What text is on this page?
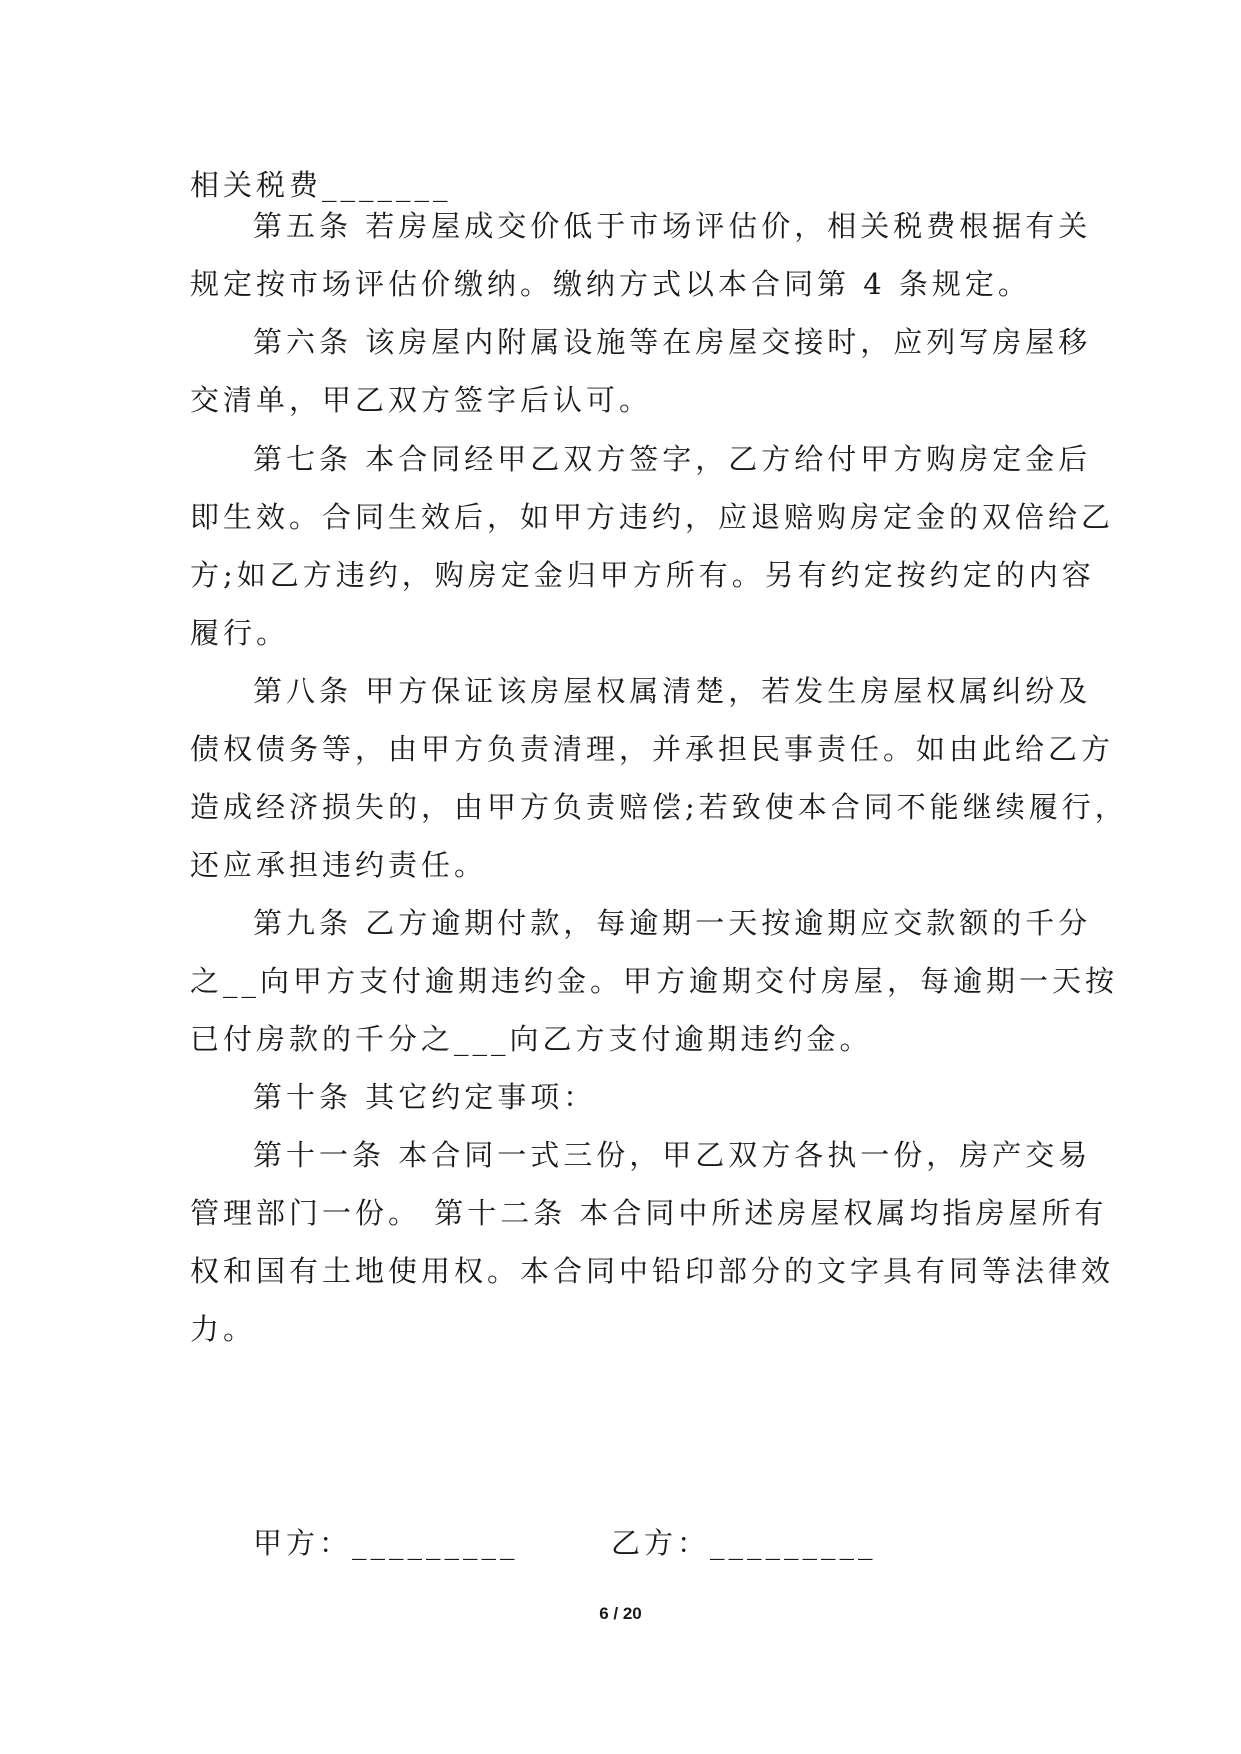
相关税费_______
第五条 若房屋成交价低于市场评估价，相关税费根据有关
规定按市场评估价缴纳。缴纳方式以本合同第 4 条规定。
第六条 该房屋内附属设施等在房屋交接时，应列写房屋移
交清单，甲乙双方签字后认可。
第七条 本合同经甲乙双方签字，乙方给付甲方购房定金后
即生效。合同生效后，如甲方违约，应退赔购房定金的双倍给乙
方;如乙方违约，购房定金归甲方所有。另有约定按约定的内容
履行。
第八条 甲方保证该房屋权属清楚，若发生房屋权属纠纷及
债权债务等，由甲方负责清理，并承担民事责任。如由此给乙方
造成经济损失的，由甲方负责赔偿;若致使本合同不能继续履行，
还应承担违约责任。
第九条 乙方逾期付款，每逾期一天按逾期应交款额的千分
之__向甲方支付逾期违约金。甲方逾期交付房屋，每逾期一天按
已付房款的千分之___向乙方支付逾期违约金。
第十条 其它约定事项：
第十一条 本合同一式三份，甲乙双方各执一份，房产交易
管理部门一份。 第十二条 本合同中所述房屋权属均指房屋所有
权和国有土地使用权。本合同中铅印部分的文字具有同等法律效
力。
甲方：_________	乙方：_________
6 / 20
